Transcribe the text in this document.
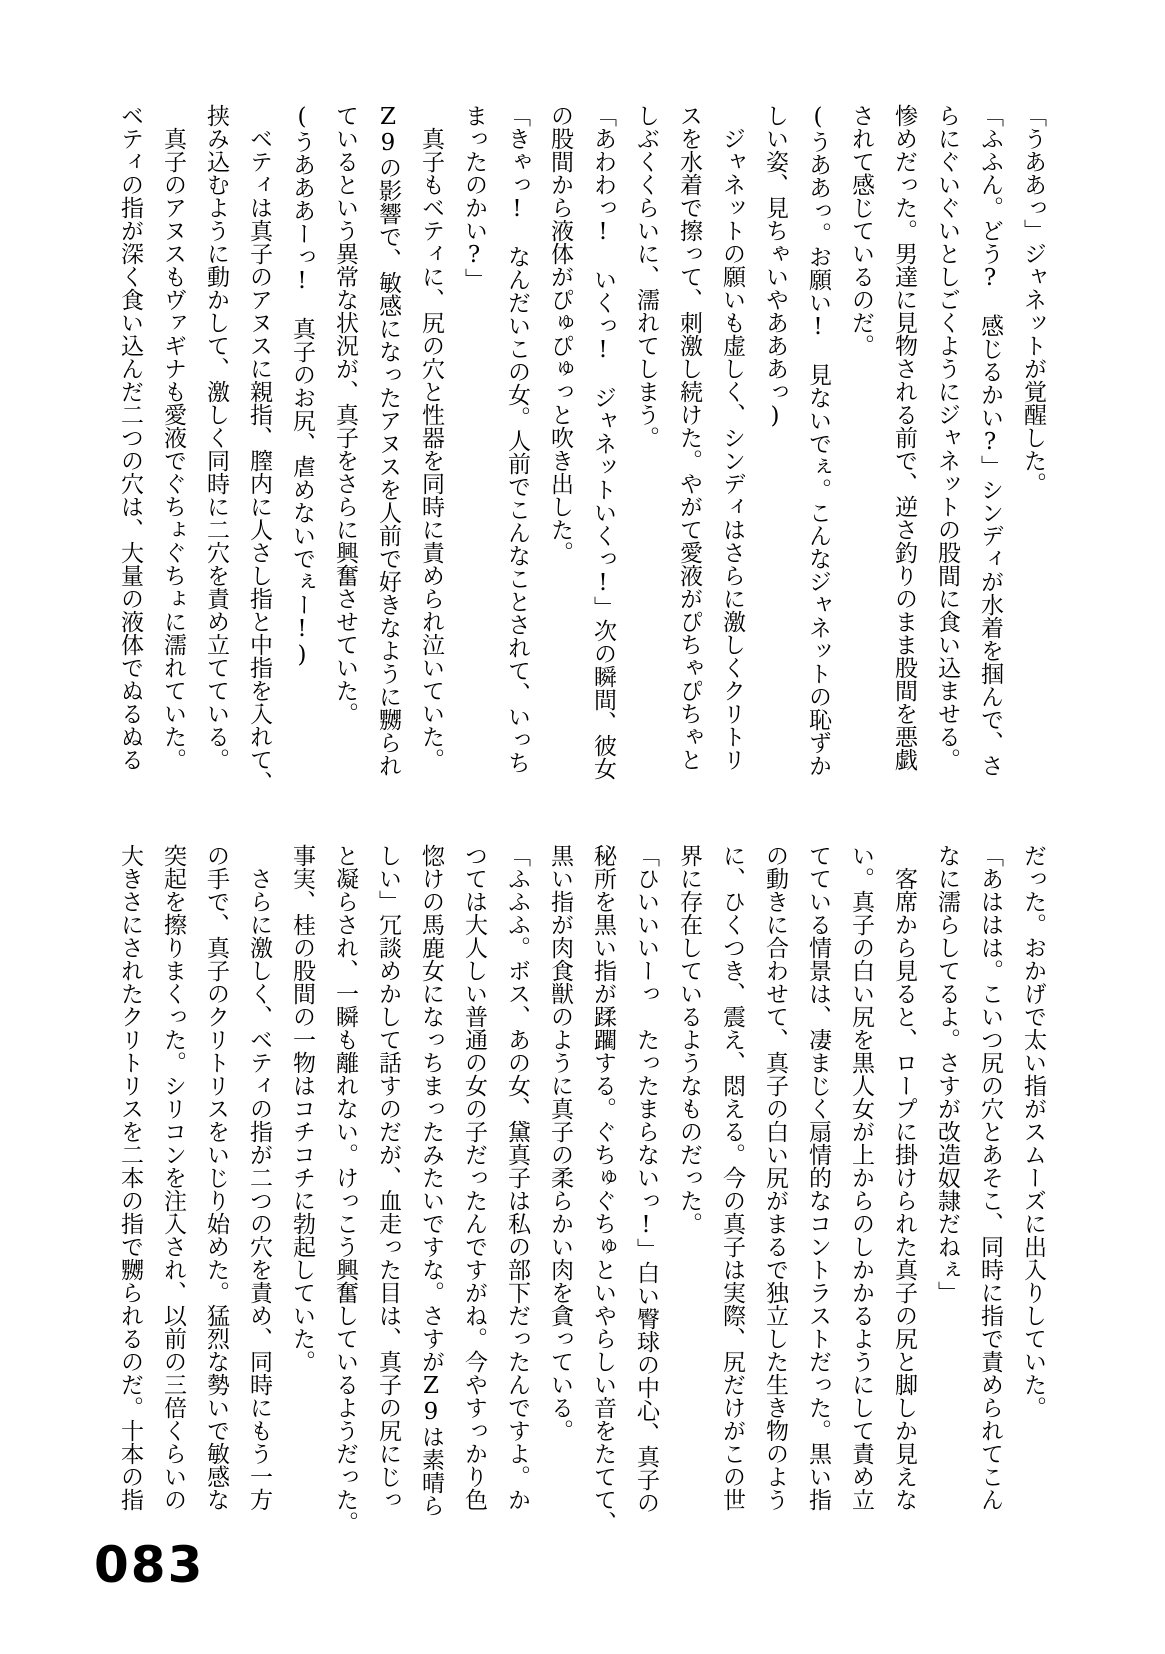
「うああっ」ジャネットが覚醒した。
「ふふん。どう?　感じるかい?」シンディが水着を掴んで、さ
らにぐいぐいとしごくようにジャネットの股間に食い込ませる。
惨めだった。男達に見物される前で、逆さ釣りのまま股間を悪戯
されて感じているのだ。
(うああっ。お願い!　見ないでぇ。こんなジャネットの恥ずか
しい姿、見ちゃいやあああっ)
　ジャネットの願いも虚しく、シンディはさらに激しくクリトリ
スを水着で擦って、刺激し続けた。やがて愛液がぴちゃぴちゃと
しぶくくらいに、濡れてしまう。
「あわわっ!　いくっ!　ジャネットいくっ!」次の瞬間、彼女
の股間から液体がぴゅぴゅっと吹き出した。
「きゃっ!　なんだいこの女。人前でこんなことされて、いっち
まったのかい?」
　真子もベティに、尻の穴と性器を同時に責められ泣いていた。
Z9の影響で、敏感になったアヌスを人前で好きなように嬲られ
ているという異常な状況が、真子をさらに興奮させていた。
(うあああーっ!　真子のお尻、虐めないでぇー!)
　ベティは真子のアヌスに親指、膣内に人さし指と中指を入れて、
挟み込むように動かして、激しく同時に二穴を責め立てている。
　真子のアヌスもヴァギナも愛液でぐちょぐちょに濡れていた。
ベティの指が深く食い込んだ二つの穴は、大量の液体でぬるぬる
だった。おかげで太い指がスムーズに出入りしていた。
「あははは。こいつ尻の穴とあそこ、同時に指で責められてこん
なに濡らしてるよ。さすが改造奴隷だねぇ」
　客席から見ると、ロープに掛けられた真子の尻と脚しか見えな
い。真子の白い尻を黒人女が上からのしかかるようにして責め立
てている情景は、凄まじく扇情的なコントラストだった。黒い指
の動きに合わせて、真子の白い尻がまるで独立した生き物のよう
に、ひくつき、震え、悶える。今の真子は実際、尻だけがこの世
界に存在しているようなものだった。
「ひいいいーっ　たったまらないっ!」白い臀球の中心、真子の
秘所を黒い指が蹂躙する。ぐちゅぐちゅといやらしい音をたてて、
黒い指が肉食獣のように真子の柔らかい肉を貪っている。
「ふふふ。ボス、あの女、黛真子は私の部下だったんですよ。か
つては大人しい普通の女の子だったんですがね。今やすっかり色
惚けの馬鹿女になっちまったみたいですな。さすがZ9は素晴ら
しい」冗談めかして話すのだが、血走った目は、真子の尻にじっ
と凝らされ、一瞬も離れない。けっこう興奮しているようだった。
事実、桂の股間の一物はコチコチに勃起していた。
　さらに激しく、ベティの指が二つの穴を責め、同時にもう一方
の手で、真子のクリトリスをいじり始めた。猛烈な勢いで敏感な
突起を擦りまくった。シリコンを注入され、以前の三倍くらいの
大きさにされたクリトリスを二本の指で嬲られるのだ。十本の指
083
